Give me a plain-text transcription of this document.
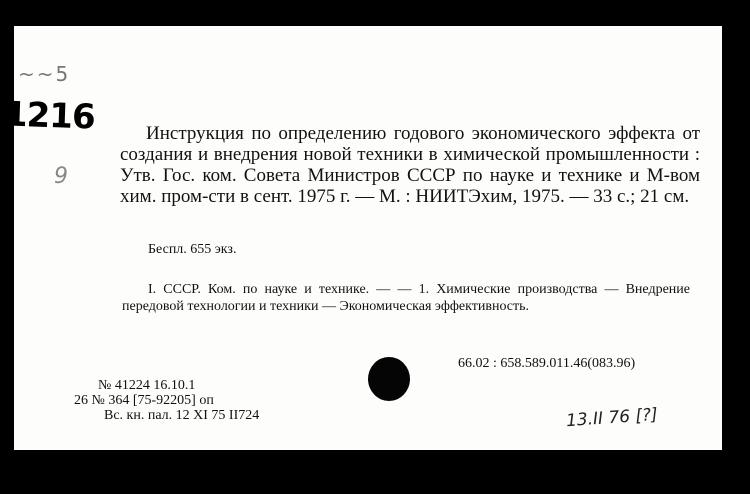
~~5
1216
9

Инструкция по определению годового экономического эффекта от создания и внедрения новой техники в химической промышленности : Утв. Гос. ком. Совета Министров СССР по науке и технике и М-вом хим. пром-сти в сент. 1975 г. — М. : НИИТЭхим, 1975. — 33 с.; 21 см.

Беспл. 655 экз.

I. СССР. Ком. по науке и технике. — — 1. Химические производства — Внедрение передовой технологии и техники — Экономическая эффективность.

66.02 : 658.589.011.46(083.96)
№ 41224 16.10.1
26 № 364 [75-92205] оп
Вс. кн. пал. 12 XI 75 II724	13.II 76 [?]
